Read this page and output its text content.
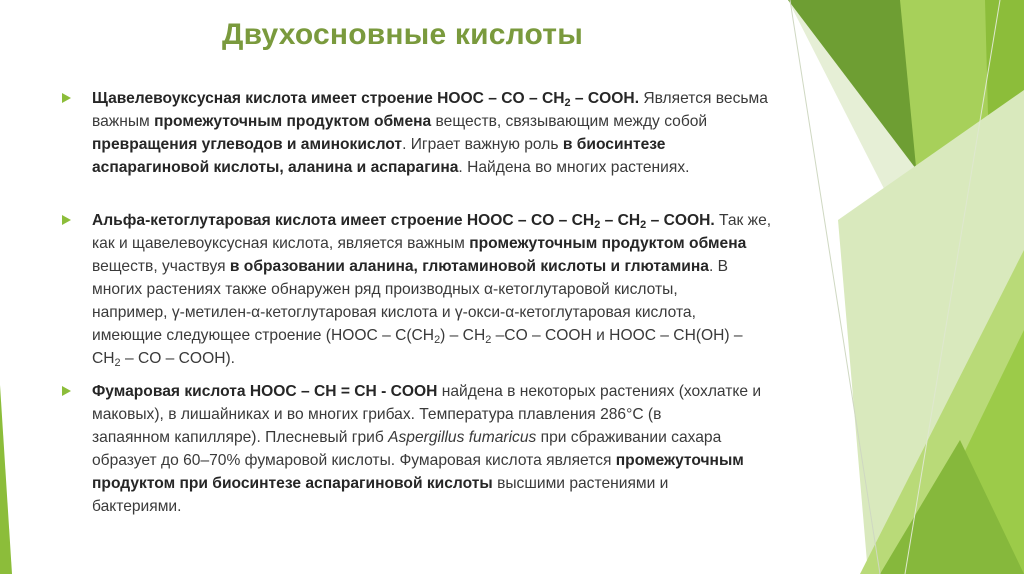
Двухосновные кислоты
Щавелевоуксусная кислота имеет строение HOOC – CO – $CH_2$ – COOH. Является весьма
важным промежуточным продуктом обмена веществ, связывающим между собой
превращения углеводов и аминокислот. Играет важную роль в биосинтезе
аспарагиновой кислоты, аланина и аспарагина. Найдена во многих растениях.
Альфа-кетоглутаровая кислота имеет строение HOOC – CO – $CH_2 - CH_2$ – COOH. Так же,
как и щавелевоуксусная кислота, является важным промежуточным продуктом обмена
веществ, участвуя в образовании аланина, глютаминовой кислоты и глютамина. В
многих растениях также обнаружен ряд производных α-кетоглутаровой кислоты,
например, γ-метилен-α-кетоглутаровая кислота и γ-окси-α-кетоглутаровая кислота,
имеющие следующее строение (HOOC – $C(CH_2) - CH_2$ –CO – COOH и HOOC – CH(OH) –
$CH_2$ – CO – COOH).
Фумаровая кислота HOOC – CH = CH - COOH найдена в некоторых растениях (хохлатке и
маковых), в лишайниках и во многих грибах. Температура плавления 286°С (в
запаянном капилляре). Плесневый гриб Aspergillus fumaricus при сбраживании сахара
образует до 60–70% фумаровой кислоты. Фумаровая кислота является промежуточным
продуктом при биосинтезе аспарагиновой кислоты высшими растениями и
бактериями.
